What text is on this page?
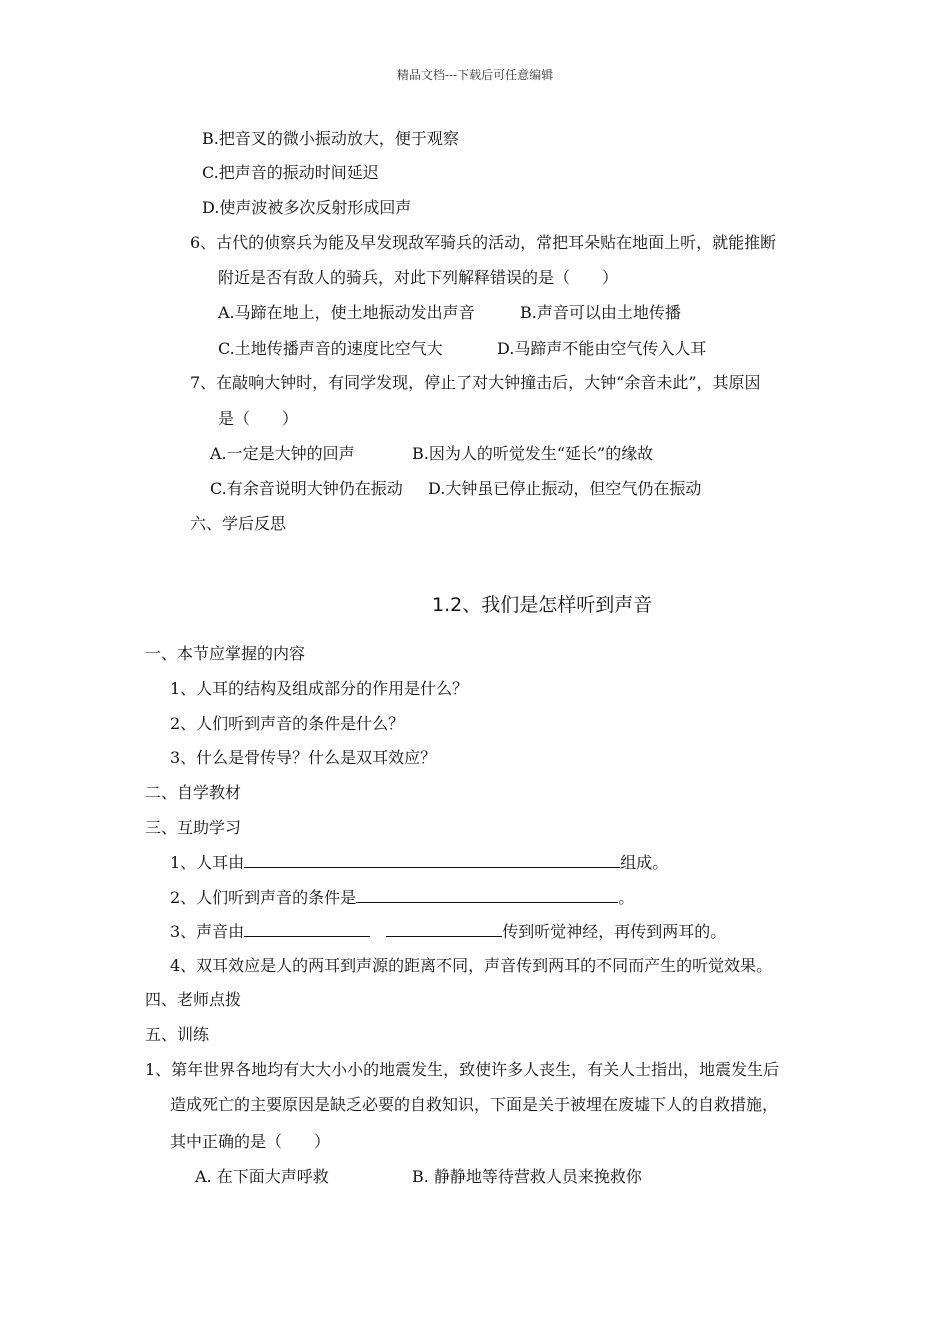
精品文档---下载后可任意编辑
B.把音叉的微小振动放大，便于观察
C.把声音的振动时间延迟
D.使声波被多次反射形成回声
6、古代的侦察兵为能及早发现敌军骑兵的活动，常把耳朵贴在地面上听，就能推断
附近是否有敌人的骑兵，对此下列解释错误的是（　　）
A.马蹄在地上，使土地振动发出声音	B.声音可以由土地传播
C.土地传播声音的速度比空气大	D.马蹄声不能由空气传入人耳
7、在敲响大钟时，有同学发现，停止了对大钟撞击后，大钟“余音未此”，其原因
是（　　）
A.一定是大钟的回声	B.因为人的听觉发生“延长”的缘故
C.有余音说明大钟仍在振动 D.大钟虽已停止振动，但空气仍在振动
六、学后反思
1.2、我们是怎样听到声音
一、本节应掌握的内容
1、人耳的结构及组成部分的作用是什么？
2、人们听到声音的条件是什么？
3、什么是骨传导？什么是双耳效应？
二、自学教材
三、互助学习
1、人耳由	组成。
2、人们听到声音的条件是	。
3、声音由	传到听觉神经，再传到两耳的。
4、双耳效应是人的两耳到声源的距离不同，声音传到两耳的不同而产生的听觉效果。
四、老师点拨
五、训练
1、第年世界各地均有大大小小的地震发生，致使许多人丧生，有关人士指出，地震发生后
造成死亡的主要原因是缺乏必要的自救知识，下面是关于被埋在废墟下人的自救措施，
其中正确的是（　　）
A. 在下面大声呼救	B. 静静地等待营救人员来挽救你
